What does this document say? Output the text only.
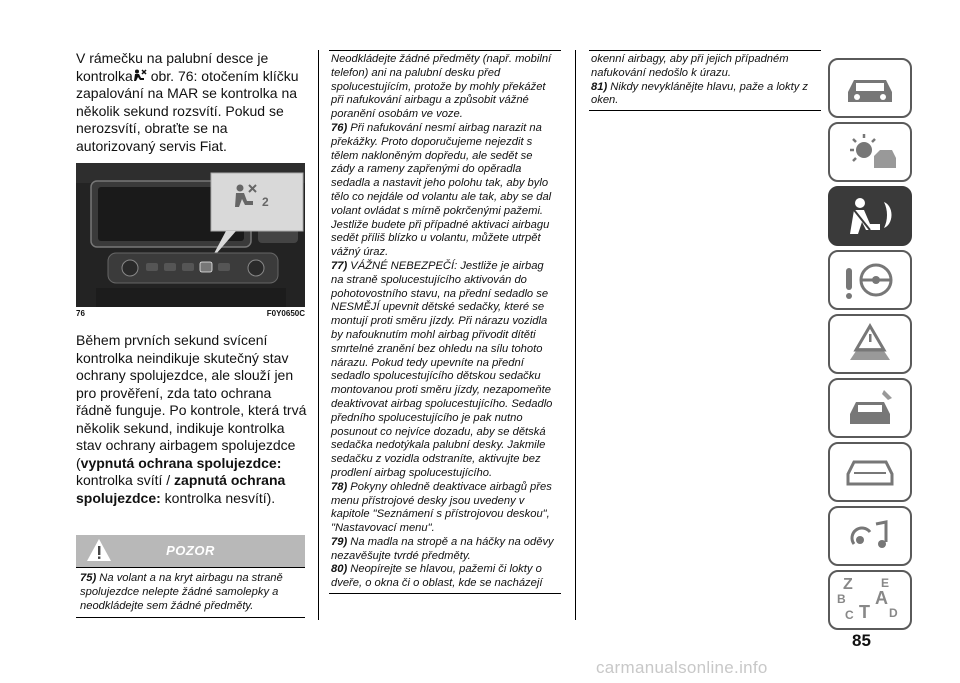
V rámečku na palubní desce je kontrolka obr. 76: otočením klíčku zapalování na MAR se kontrolka na několik sekund rozsvítí. Pokud se nerozsvítí, obraťte se na autorizovaný servis Fiat.

2
76	F0Y0650C

Během prvních sekund svícení kontrolka neindikuje skutečný stav ochrany spolujezdce, ale slouží jen pro prověření, zda tato ochrana řádně funguje. Po kontrole, která trvá několik sekund, indikuje kontrolka stav ochrany airbagem spolujezdce (vypnutá ochrana spolujezdce: kontrolka svítí / zapnutá ochrana spolujezdce: kontrolka nesvítí).

POZOR

75) Na volant a na kryt airbagu na straně spolujezdce nelepte žádné samolepky a neodkládejte sem žádné předměty.

Neodkládejte žádné předměty (např. mobilní telefon) ani na palubní desku před spolucestujícím, protože by mohly překážet při nafukování airbagu a způsobit vážné poranění osobám ve voze.

76) Při nafukování nesmí airbag narazit na překážky. Proto doporučujeme nejezdit s tělem nakloněným dopředu, ale sedět se zády a rameny zapřenými do opěradla sedadla a nastavit jeho polohu tak, aby bylo tělo co nejdále od volantu ale tak, aby se dal volant ovládat s mírně pokrčenými pažemi. Jestliže budete při případné aktivaci airbagu sedět příliš blízko u volantu, můžete utrpět vážný úraz.

77) VÁŽNÉ NEBEZPEČÍ: Jestliže je airbag na straně spolucestujícího aktivován do pohotovostního stavu, na přední sedadlo se NESMĚJÍ upevnit dětské sedačky, které se montují proti směru jízdy. Při nárazu vozidla by nafouknutím mohl airbag přivodit dítěti smrtelné zranění bez ohledu na sílu tohoto nárazu. Pokud tedy upevníte na přední sedadlo spolucestujícího dětskou sedačku montovanou proti směru jízdy, nezapomeňte deaktivovat airbag spolucestujícího. Sedadlo předního spolucestujícího je pak nutno posunout co nejvíce dozadu, aby se dětská sedačka nedotýkala palubní desky. Jakmile sedačku z vozidla odstraníte, aktivujte bez prodlení airbag spolucestujícího.

78) Pokyny ohledně deaktivace airbagů přes menu přístrojové desky jsou uvedeny v kapitole "Seznámení s přístrojovou deskou", "Nastavovací menu".

79) Na madla na stropě a na háčky na oděvy nezavěšujte tvrdé předměty.

80) Neopírejte se hlavou, pažemi či lokty o dveře, o okna či o oblast, kde se nacházejí

okenní airbagy, aby při jejich případném nafukování nedošlo k úrazu.

81) Nikdy nevyklánějte hlavu, paže a lokty z oken.

Z E
B A
C T D
85
carmanualsonline.info
